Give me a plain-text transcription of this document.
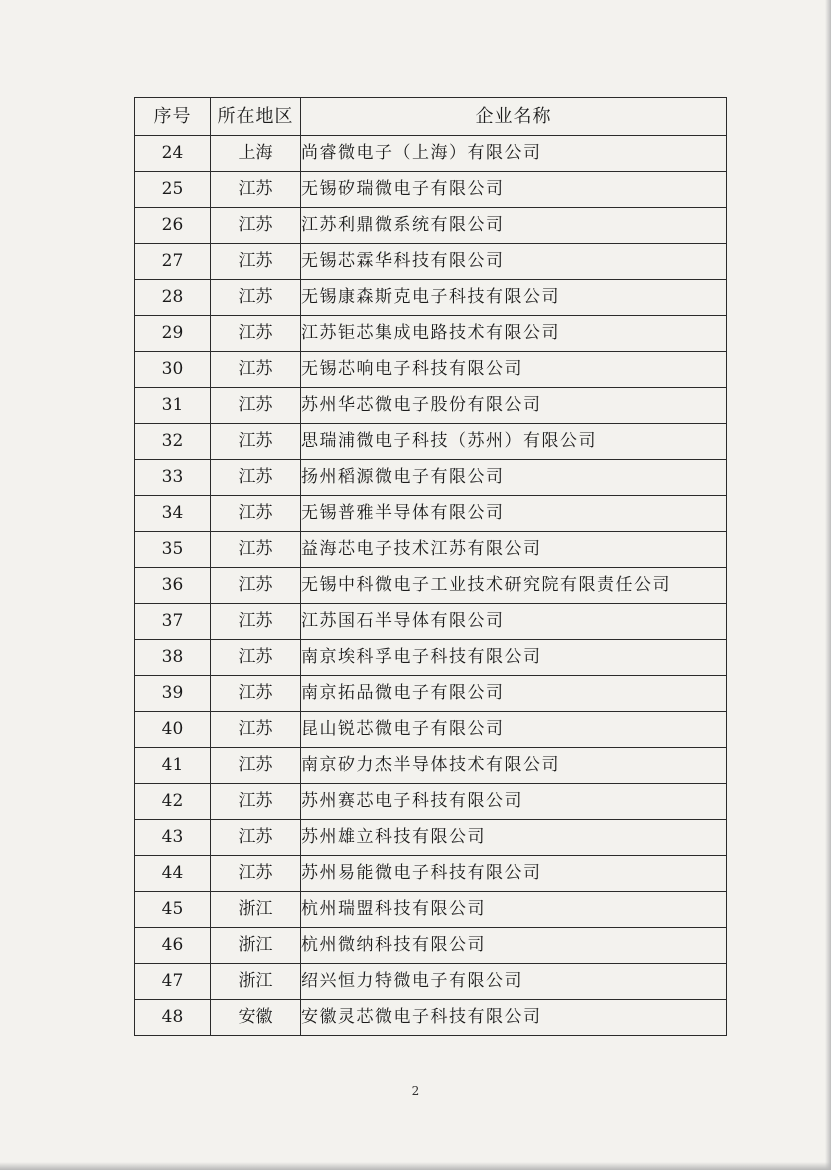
序号	所在地区	企业名称
24	上海	尚睿微电子（上海）有限公司
25	江苏	无锡矽瑞微电子有限公司
26	江苏	江苏利鼎微系统有限公司
27	江苏	无锡芯霖华科技有限公司
28	江苏	无锡康森斯克电子科技有限公司
29	江苏	江苏钜芯集成电路技术有限公司
30	江苏	无锡芯响电子科技有限公司
31	江苏	苏州华芯微电子股份有限公司
32	江苏	思瑞浦微电子科技（苏州）有限公司
33	江苏	扬州稻源微电子有限公司
34	江苏	无锡普雅半导体有限公司
35	江苏	益海芯电子技术江苏有限公司
36	江苏	无锡中科微电子工业技术研究院有限责任公司
37	江苏	江苏国石半导体有限公司
38	江苏	南京埃科孚电子科技有限公司
39	江苏	南京拓品微电子有限公司
40	江苏	昆山锐芯微电子有限公司
41	江苏	南京矽力杰半导体技术有限公司
42	江苏	苏州赛芯电子科技有限公司
43	江苏	苏州雄立科技有限公司
44	江苏	苏州易能微电子科技有限公司
45	浙江	杭州瑞盟科技有限公司
46	浙江	杭州微纳科技有限公司
47	浙江	绍兴恒力特微电子有限公司
48	安徽	安徽灵芯微电子科技有限公司
2
